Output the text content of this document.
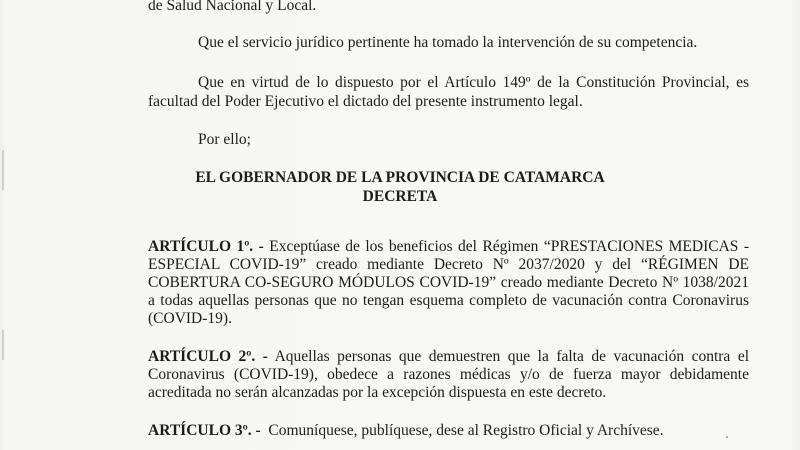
de Salud Nacional y Local.
Que el servicio jurídico pertinente ha tomado la intervención de su competencia.
Que en virtud de lo dispuesto por el Artículo 149º de la Constitución Provincial, es
facultad del Poder Ejecutivo el dictado del presente instrumento legal.
Por ello;
EL GOBERNADOR DE LA PROVINCIA DE CATAMARCA
DECRETA
ARTÍCULO 1º. - Exceptúase de los beneficios del Régimen “PRESTACIONES MEDICAS -
ESPECIAL COVID-19” creado mediante Decreto Nº 2037/2020 y del “RÉGIMEN DE
COBERTURA CO-SEGURO MÓDULOS COVID-19” creado mediante Decreto Nº 1038/2021
a todas aquellas personas que no tengan esquema completo de vacunación contra Coronavirus
(COVID-19).
ARTÍCULO 2º. - Aquellas personas que demuestren que la falta de vacunación contra el
Coronavirus (COVID-19), obedece a razones médicas y/o de fuerza mayor debidamente
acreditada no serán alcanzadas por la excepción dispuesta en este decreto.
ARTÍCULO 3º. - Comuníquese, publíquese, dese al Registro Oficial y Archívese.
